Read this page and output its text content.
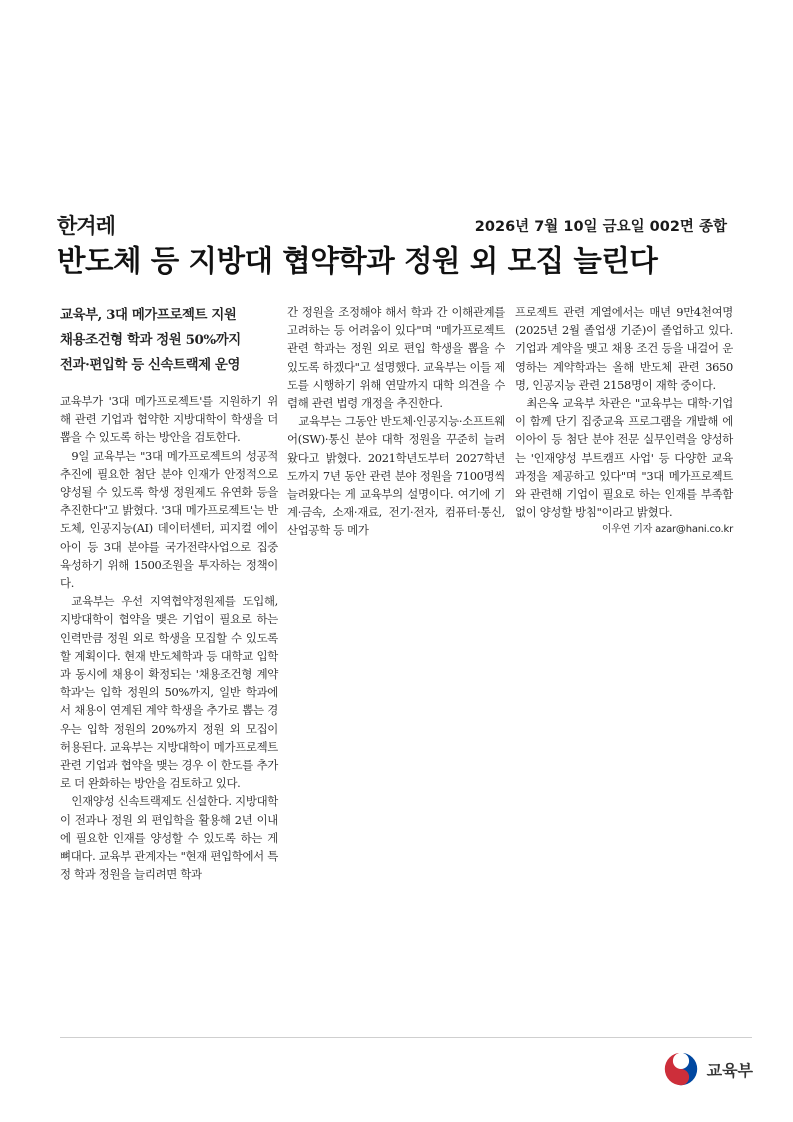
한겨레	2026년 7월 10일 금요일 002면 종합
반도체 등 지방대 협약학과 정원 외 모집 늘린다
교육부, 3대 메가프로젝트 지원
채용조건형 학과 정원 50%까지
전과·편입학 등 신속트랙제 운영

교육부가 '3대 메가프로젝트'를 지원하기 위해 관련 기업과 협약한 지방대학이 학생을 더 뽑을 수 있도록 하는 방안을 검토한다.

9일 교육부는 "3대 메가프로젝트의 성공적 추진에 필요한 첨단 분야 인재가 안정적으로 양성될 수 있도록 학생 정원제도 유연화 등을 추진한다"고 밝혔다. '3대 메가프로젝트'는 반도체, 인공지능(AI) 데이터센터, 피지컬 에이아이 등 3대 분야를 국가전략사업으로 집중 육성하기 위해 1500조원을 투자하는 정책이다.

교육부는 우선 지역협약정원제를 도입해, 지방대학이 협약을 맺은 기업이 필요로 하는 인력만큼 정원 외로 학생을 모집할 수 있도록 할 계획이다. 현재 반도체학과 등 대학교 입학과 동시에 채용이 확정되는 '채용조건형 계약학과'는 입학 정원의 50%까지, 일반 학과에서 채용이 연계된 계약 학생을 추가로 뽑는 경우는 입학 정원의 20%까지 정원 외 모집이 허용된다. 교육부는 지방대학이 메가프로젝트 관련 기업과 협약을 맺는 경우 이 한도를 추가로 더 완화하는 방안을 검토하고 있다.

인재양성 신속트랙제도 신설한다. 지방대학이 전과나 정원 외 편입학을 활용해 2년 이내에 필요한 인재를 양성할 수 있도록 하는 게 뼈대다. 교육부 관계자는 "현재 편입학에서 특정 학과 정원을 늘리려면 학과

간 정원을 조정해야 해서 학과 간 이해관계를 고려하는 등 어려움이 있다"며 "메가프로젝트 관련 학과는 정원 외로 편입 학생을 뽑을 수 있도록 하겠다"고 설명했다. 교육부는 이들 제도를 시행하기 위해 연말까지 대학 의견을 수렴해 관련 법령 개정을 추진한다.

교육부는 그동안 반도체·인공지능·소프트웨어(SW)·통신 분야 대학 정원을 꾸준히 늘려왔다고 밝혔다. 2021학년도부터 2027학년도까지 7년 동안 관련 분야 정원을 7100명씩 늘려왔다는 게 교육부의 설명이다. 여기에 기계·금속, 소재·재료, 전기·전자, 컴퓨터·통신, 산업공학 등 메가

프로젝트 관련 계열에서는 매년 9만4천여명(2025년 2월 졸업생 기준)이 졸업하고 있다. 기업과 계약을 맺고 채용 조건 등을 내걸어 운영하는 계약학과는 올해 반도체 관련 3650명, 인공지능 관련 2158명이 재학 중이다.

최은옥 교육부 차관은 "교육부는 대학·기업이 함께 단기 집중교육 프로그램을 개발해 에이아이 등 첨단 분야 전문 실무인력을 양성하는 '인재양성 부트캠프 사업' 등 다양한 교육과정을 제공하고 있다"며 "3대 메가프로젝트와 관련해 기업이 필요로 하는 인재를 부족함 없이 양성할 방침"이라고 밝혔다.
이우연 기자 azar@hani.co.kr

교육부
